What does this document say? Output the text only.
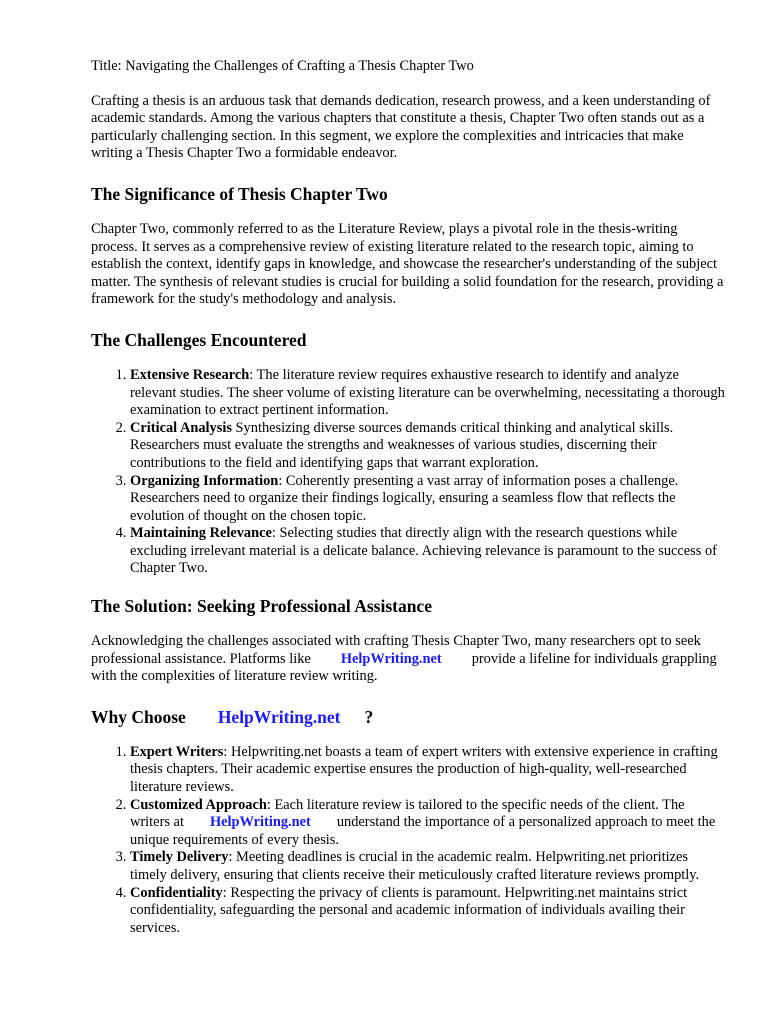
Title: Navigating the Challenges of Crafting a Thesis Chapter Two

Crafting a thesis is an arduous task that demands dedication, research prowess, and a keen understanding of academic standards. Among the various chapters that constitute a thesis, Chapter Two often stands out as a particularly challenging section. In this segment, we explore the complexities and intricacies that make writing a Thesis Chapter Two a formidable endeavor.

The Significance of Thesis Chapter Two

Chapter Two, commonly referred to as the Literature Review, plays a pivotal role in the thesis-writing process. It serves as a comprehensive review of existing literature related to the research topic, aiming to establish the context, identify gaps in knowledge, and showcase the researcher's understanding of the subject matter. The synthesis of relevant studies is crucial for building a solid foundation for the research, providing a framework for the study's methodology and analysis.

The Challenges Encountered
1. Extensive Research: The literature review requires exhaustive research to identify and analyze relevant studies. The sheer volume of existing literature can be overwhelming, necessitating a thorough examination to extract pertinent information.
2. Critical Analysis Synthesizing diverse sources demands critical thinking and analytical skills. Researchers must evaluate the strengths and weaknesses of various studies, discerning their contributions to the field and identifying gaps that warrant exploration.
3. Organizing Information: Coherently presenting a vast array of information poses a challenge. Researchers need to organize their findings logically, ensuring a seamless flow that reflects the evolution of thought on the chosen topic.
4. Maintaining Relevance: Selecting studies that directly align with the research questions while excluding irrelevant material is a delicate balance. Achieving relevance is paramount to the success of Chapter Two.
The Solution: Seeking Professional Assistance

Acknowledging the challenges associated with crafting Thesis Chapter Two, many researchers opt to seek professional assistance. Platforms like HelpWriting.net provide a lifeline for individuals grappling with the complexities of literature review writing.

Why Choose HelpWriting.net ?
1. Expert Writers: Helpwriting.net boasts a team of expert writers with extensive experience in crafting thesis chapters. Their academic expertise ensures the production of high-quality, well-researched literature reviews.
2. Customized Approach: Each literature review is tailored to the specific needs of the client. The writers at HelpWriting.net understand the importance of a personalized approach to meet the unique requirements of every thesis.
3. Timely Delivery: Meeting deadlines is crucial in the academic realm. Helpwriting.net prioritizes timely delivery, ensuring that clients receive their meticulously crafted literature reviews promptly.
4. Confidentiality: Respecting the privacy of clients is paramount. Helpwriting.net maintains strict confidentiality, safeguarding the personal and academic information of individuals availing their services.
